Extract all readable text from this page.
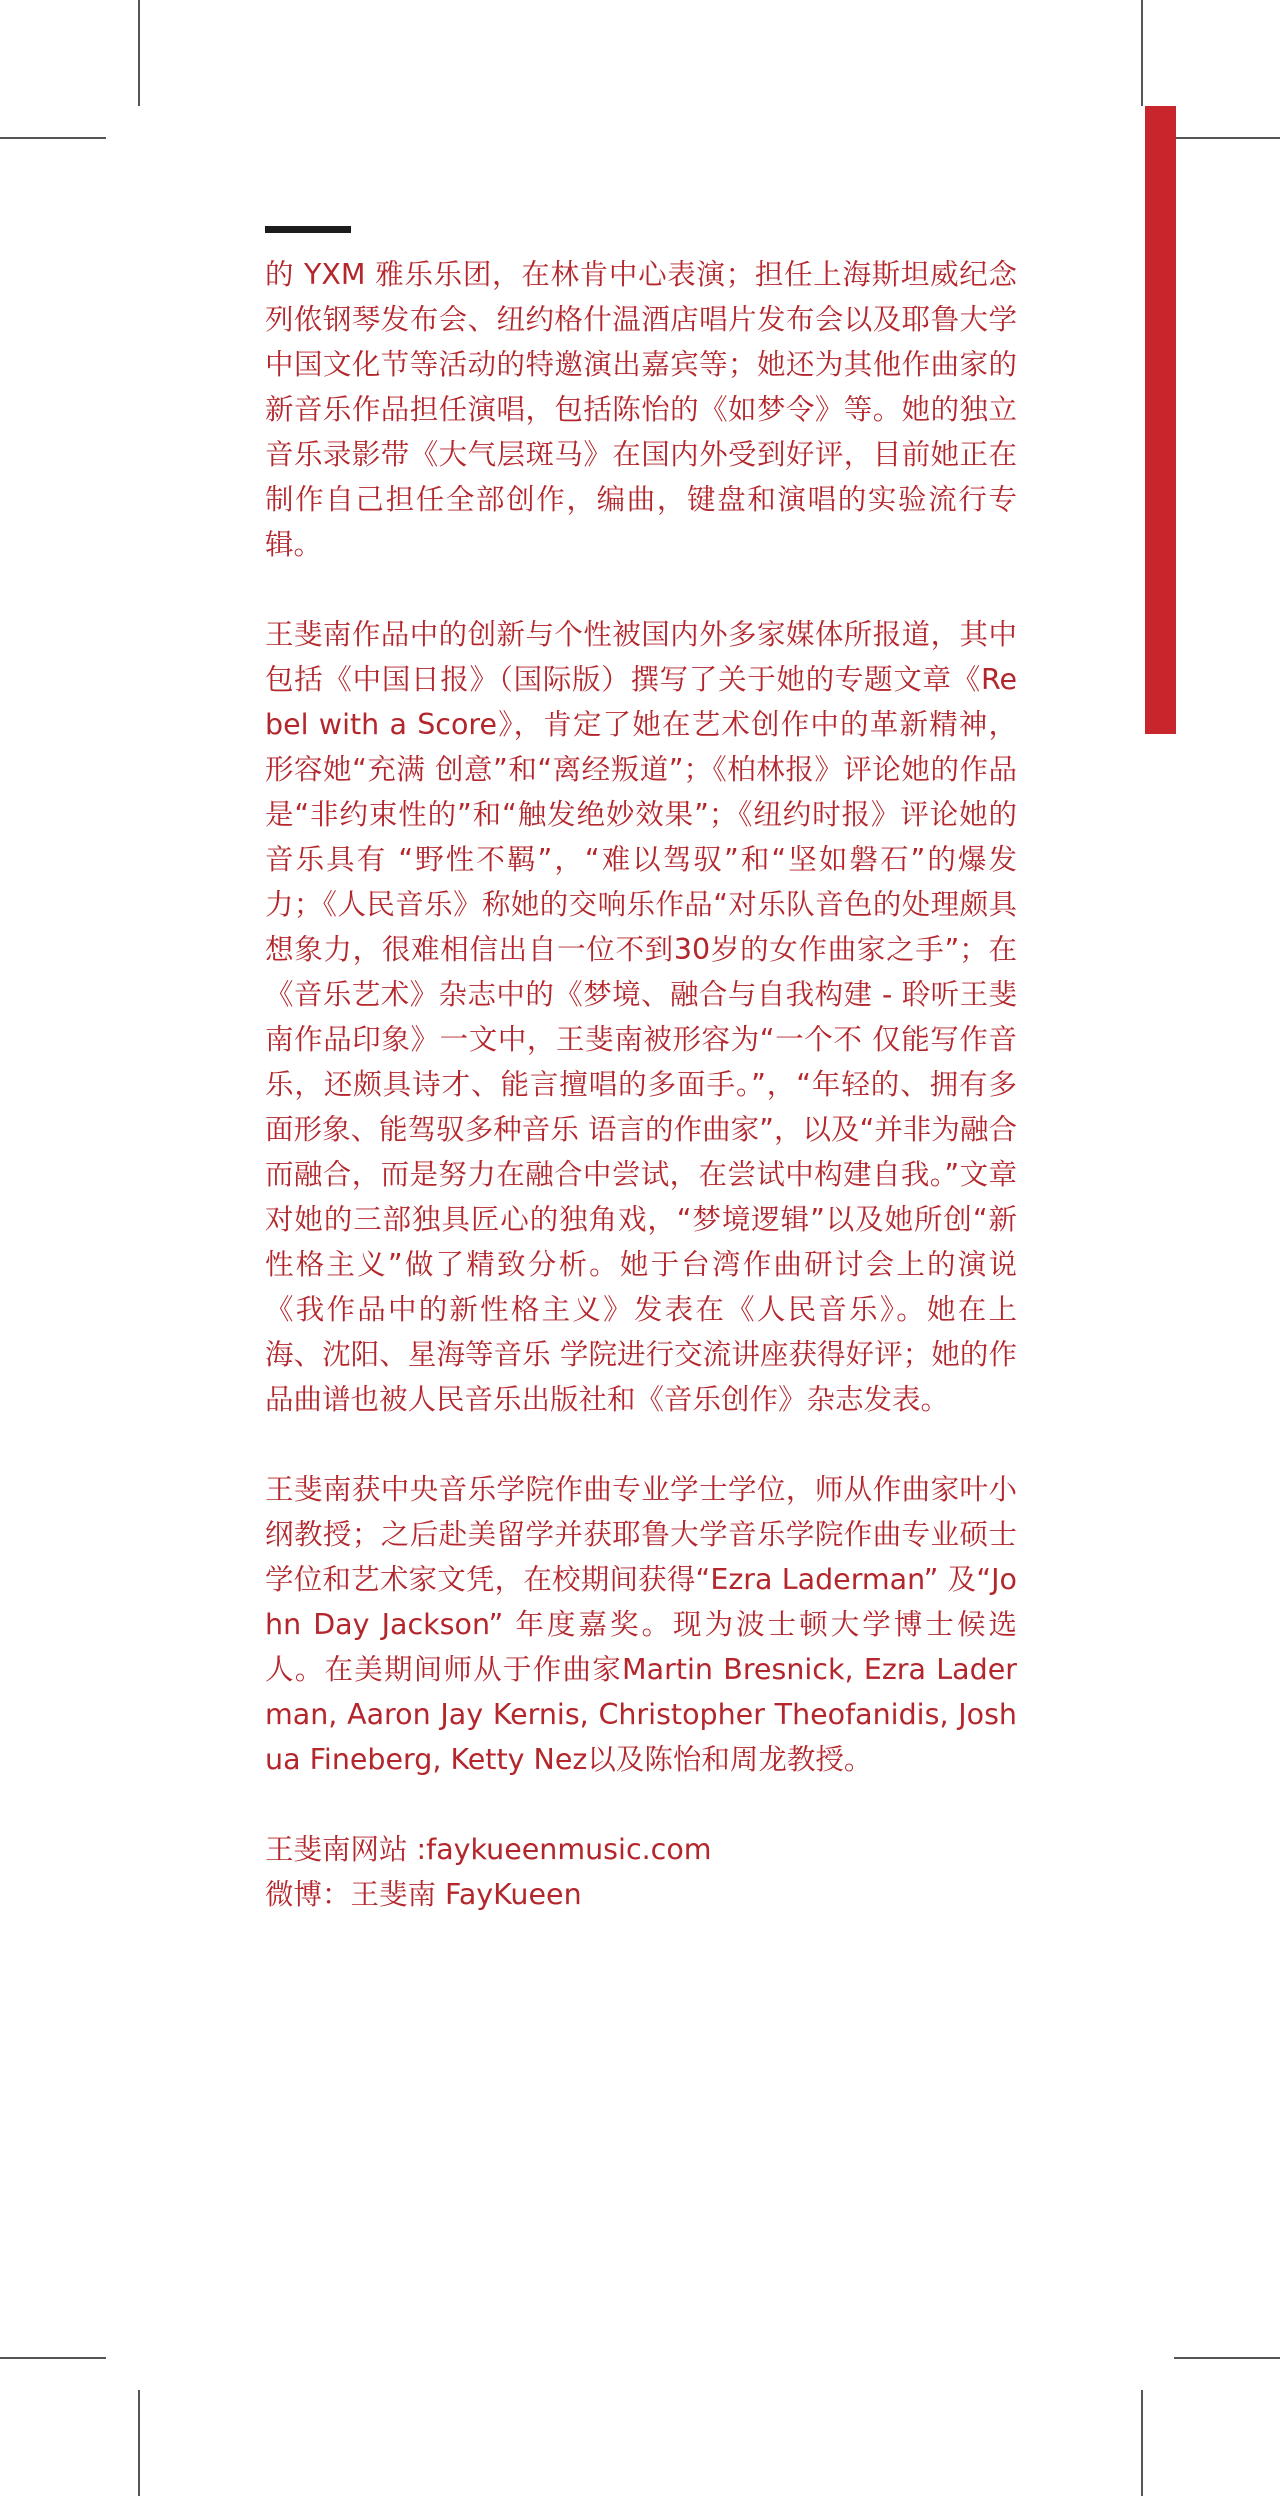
的 YXM 雅乐乐团，在林肯中心表演；担任上海斯坦威纪念列侬钢琴发布会、纽约格什温酒店唱片发布会以及耶鲁大学中国文化节等活动的特邀演出嘉宾等；她还为其他作曲家的新音乐作品担任演唱，包括陈怡的《如梦令》等。她的独立音乐录影带《大气层斑马》在国内外受到好评，目前她正在制作自己担任全部创作，编曲，键盘和演唱的实验流行专辑。

王斐南作品中的创新与个性被国内外多家媒体所报道，其中包括《中国日报》（国际版）撰写了关于她的专题文章《Rebel with a Score》，肯定了她在艺术创作中的革新精神，形容她“充满 创意”和“离经叛道”；《柏林报》评论她的作品是“非约束性的”和“触发绝妙效果”；《纽约时报》评论她的音乐具有 “野性不羁”，“难以驾驭”和“坚如磐石”的爆发力；《人民音乐》称她的交响乐作品“对乐队音色的处理颇具想象力，很难相信出自一位不到30岁的女作曲家之手”；在《音乐艺术》杂志中的《梦境、融合与自我构建 - 聆听王斐南作品印象》一文中，王斐南被形容为“一个不 仅能写作音乐，还颇具诗才、能言擅唱的多面手。”，“年轻的、拥有多面形象、能驾驭多种音乐 语言的作曲家”，以及“并非为融合而融合，而是努力在融合中尝试，在尝试中构建自我。”文章 对她的三部独具匠心的独角戏，“梦境逻辑”以及她所创“新性格主义”做了精致分析。她于台湾作曲研讨会上的演说《我作品中的新性格主义》发表在《人民音乐》。她在上海、沈阳、星海等音乐 学院进行交流讲座获得好评；她的作品曲谱也被人民音乐出版社和《音乐创作》杂志发表。

王斐南获中央音乐学院作曲专业学士学位，师从作曲家叶小纲教授；之后赴美留学并获耶鲁大学音乐学院作曲专业硕士学位和艺术家文凭，在校期间获得“Ezra Laderman” 及“John Day Jackson” 年度嘉奖。现为波士顿大学博士候选人。在美期间师从于作曲家Martin Bresnick, Ezra Laderman, Aaron Jay Kernis, Christopher Theofanidis, Joshua Fineberg, Ketty Nez以及陈怡和周龙教授。

王斐南网站 :faykueenmusic.com
微博：王斐南 FayKueen
